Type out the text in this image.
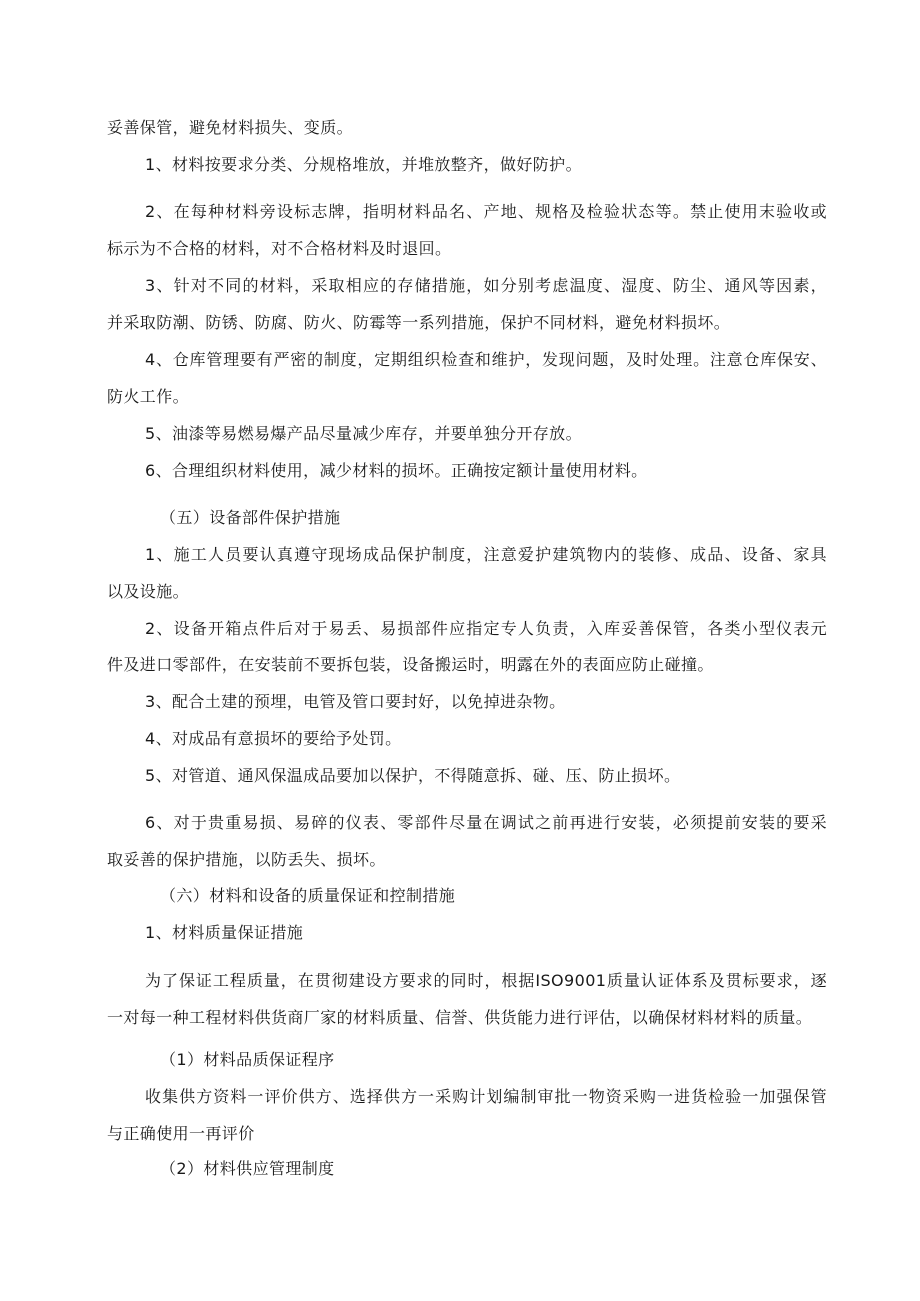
妥善保管，避免材料损失、变质。
1、材料按要求分类、分规格堆放，并堆放整齐，做好防护。
2、在每种材料旁设标志牌，指明材料品名、产地、规格及检验状态等。禁止使用末验收或
标示为不合格的材料，对不合格材料及时退回。
3、针对不同的材料，采取相应的存储措施，如分别考虑温度、湿度、防尘、通风等因素，
并采取防潮、防锈、防腐、防火、防霉等一系列措施，保护不同材料，避免材料损坏。
4、仓库管理要有严密的制度，定期组织检查和维护，发现问题，及时处理。注意仓库保安、
防火工作。
5、油漆等易燃易爆产品尽量减少库存，并要单独分开存放。
6、合理组织材料使用，减少材料的损坏。正确按定额计量使用材料。
（五）设备部件保护措施
1、施工人员要认真遵守现场成品保护制度，注意爱护建筑物内的装修、成品、设备、家具
以及设施。
2、设备开箱点件后对于易丢、易损部件应指定专人负责，入库妥善保管，各类小型仪表元
件及进口零部件，在安装前不要拆包装，设备搬运时，明露在外的表面应防止碰撞。
3、配合土建的预埋，电管及管口要封好，以免掉进杂物。
4、对成品有意损坏的要给予处罚。
5、对管道、通风保温成品要加以保护，不得随意拆、碰、压、防止损坏。
6、对于贵重易损、易碎的仪表、零部件尽量在调试之前再进行安装，必须提前安装的要采
取妥善的保护措施，以防丢失、损坏。
（六）材料和设备的质量保证和控制措施
1、材料质量保证措施
为了保证工程质量，在贯彻建设方要求的同时，根据ISO9001质量认证体系及贯标要求，逐
一对每一种工程材料供货商厂家的材料质量、信誉、供货能力进行评估，以确保材料材料的质量。
（1）材料品质保证程序
收集供方资料一评价供方、选择供方一采购计划编制审批一物资采购一进货检验一加强保管
与正确使用一再评价
（2）材料供应管理制度
